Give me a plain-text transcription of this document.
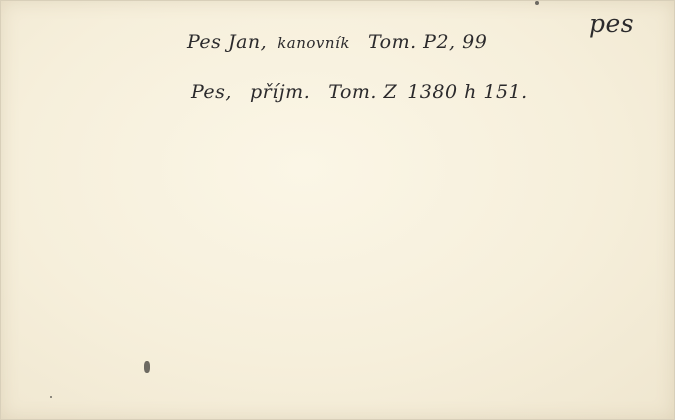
pes
Pes Jan, kanovník Tom. P2, 99
Pes, příjm. Tom. Z 1380 h 151.
